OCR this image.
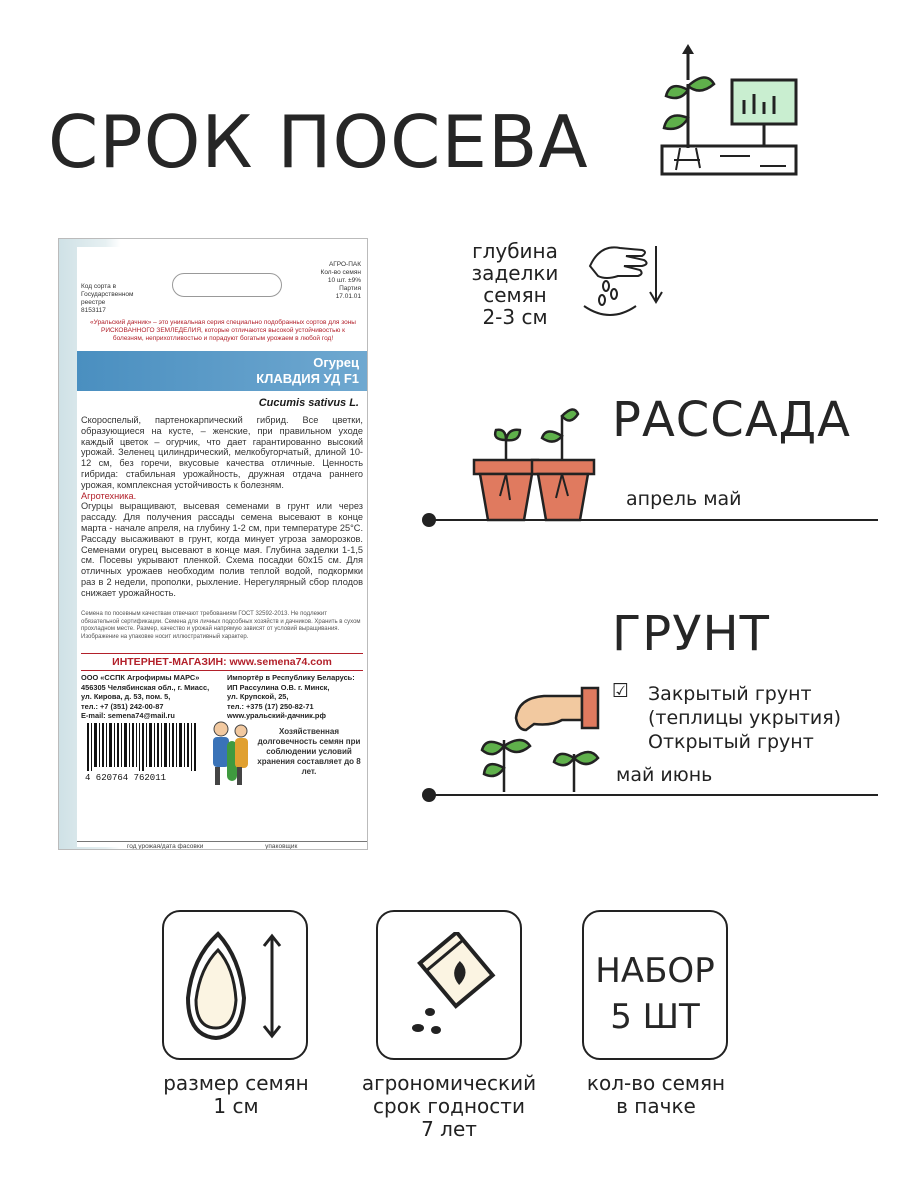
СРОК ПОСЕВА
Код сорта в
Государственном
реестре
8153117
АГРО-ПАК
Кол-во семян
10 шт. ±9%
Партия
17.01.01
«Уральский дачник» – это уникальная серия специально подобранных сортов для зоны РИСКОВАННОГО ЗЕМЛЕДЕЛИЯ, которые отличаются высокой устойчивостью к болезням, неприхотливостью и порадуют богатым урожаем в любой год!
Огурец
КЛАВДИЯ УД F1
Cucumis sativus L.
Скороспелый, партенокарпический гибрид. Все цветки, образующиеся на кусте, – женские, при правильном уходе каждый цветок – огурчик, что дает гарантированно высокий урожай. Зеленец цилиндрический, мелкобугорчатый, длиной 10-12 см, без горечи, вкусовые качества отличные. Ценность гибрида: стабильная урожайность, дружная отдача раннего урожая, комплексная устойчивость к болезням.
Агротехника.
Огурцы выращивают, высевая семенами в грунт или через рассаду. Для получения рассады семена высевают в конце марта - начале апреля, на глубину 1-2 см, при температуре 25°С. Рассаду высаживают в грунт, когда минует угроза заморозков. Семенами огурец высевают в конце мая. Глубина заделки 1-1,5 см. Посевы укрывают пленкой. Схема посадки 60х15 см. Для отличных урожаев необходим полив теплой водой, подкормки раз в 2 недели, прополки, рыхление. Нерегулярный сбор плодов снижает урожайность.
Семена по посевным качествам отвечают требованиям ГОСТ 32592-2013. Не подлежит обязательной сертификации. Семена для личных подсобных хозяйств и дачников. Хранить в сухом прохладном месте. Размер, качество и урожай напрямую зависят от условий выращивания. Изображение на упаковке носит иллюстративный характер.
ИНТЕРНЕТ-МАГАЗИН: www.semena74.com
ООО «ССПК Агрофирмы МАРС»
456305 Челябинская обл., г. Миасс,
ул. Кирова, д. 53, пом. 5,
тел.: +7 (351) 242-00-87
E-mail: semena74@mail.ru
Импортёр в Республику Беларусь:
ИП Рассулина О.В. г. Минск,
ул. Крупской, 25,
тел.: +375 (17) 250-82-71
www.уральский-дачник.рф
4 620764 762011
Хозяйственная долговечность семян при соблюдении условий хранения составляет до 8 лет.
год урожая/дата фасовки	упаковщик
глубина
заделки
семян
2-3 см
РАССАДА
апрель май
ГРУНТ
☑ Закрытый грунт
(теплицы укрытия)
Открытый грунт
май июнь
НАБОР
5 ШТ
размер семян
1 см
агрономический
срок годности
7 лет
кол-во семян
в пачке
